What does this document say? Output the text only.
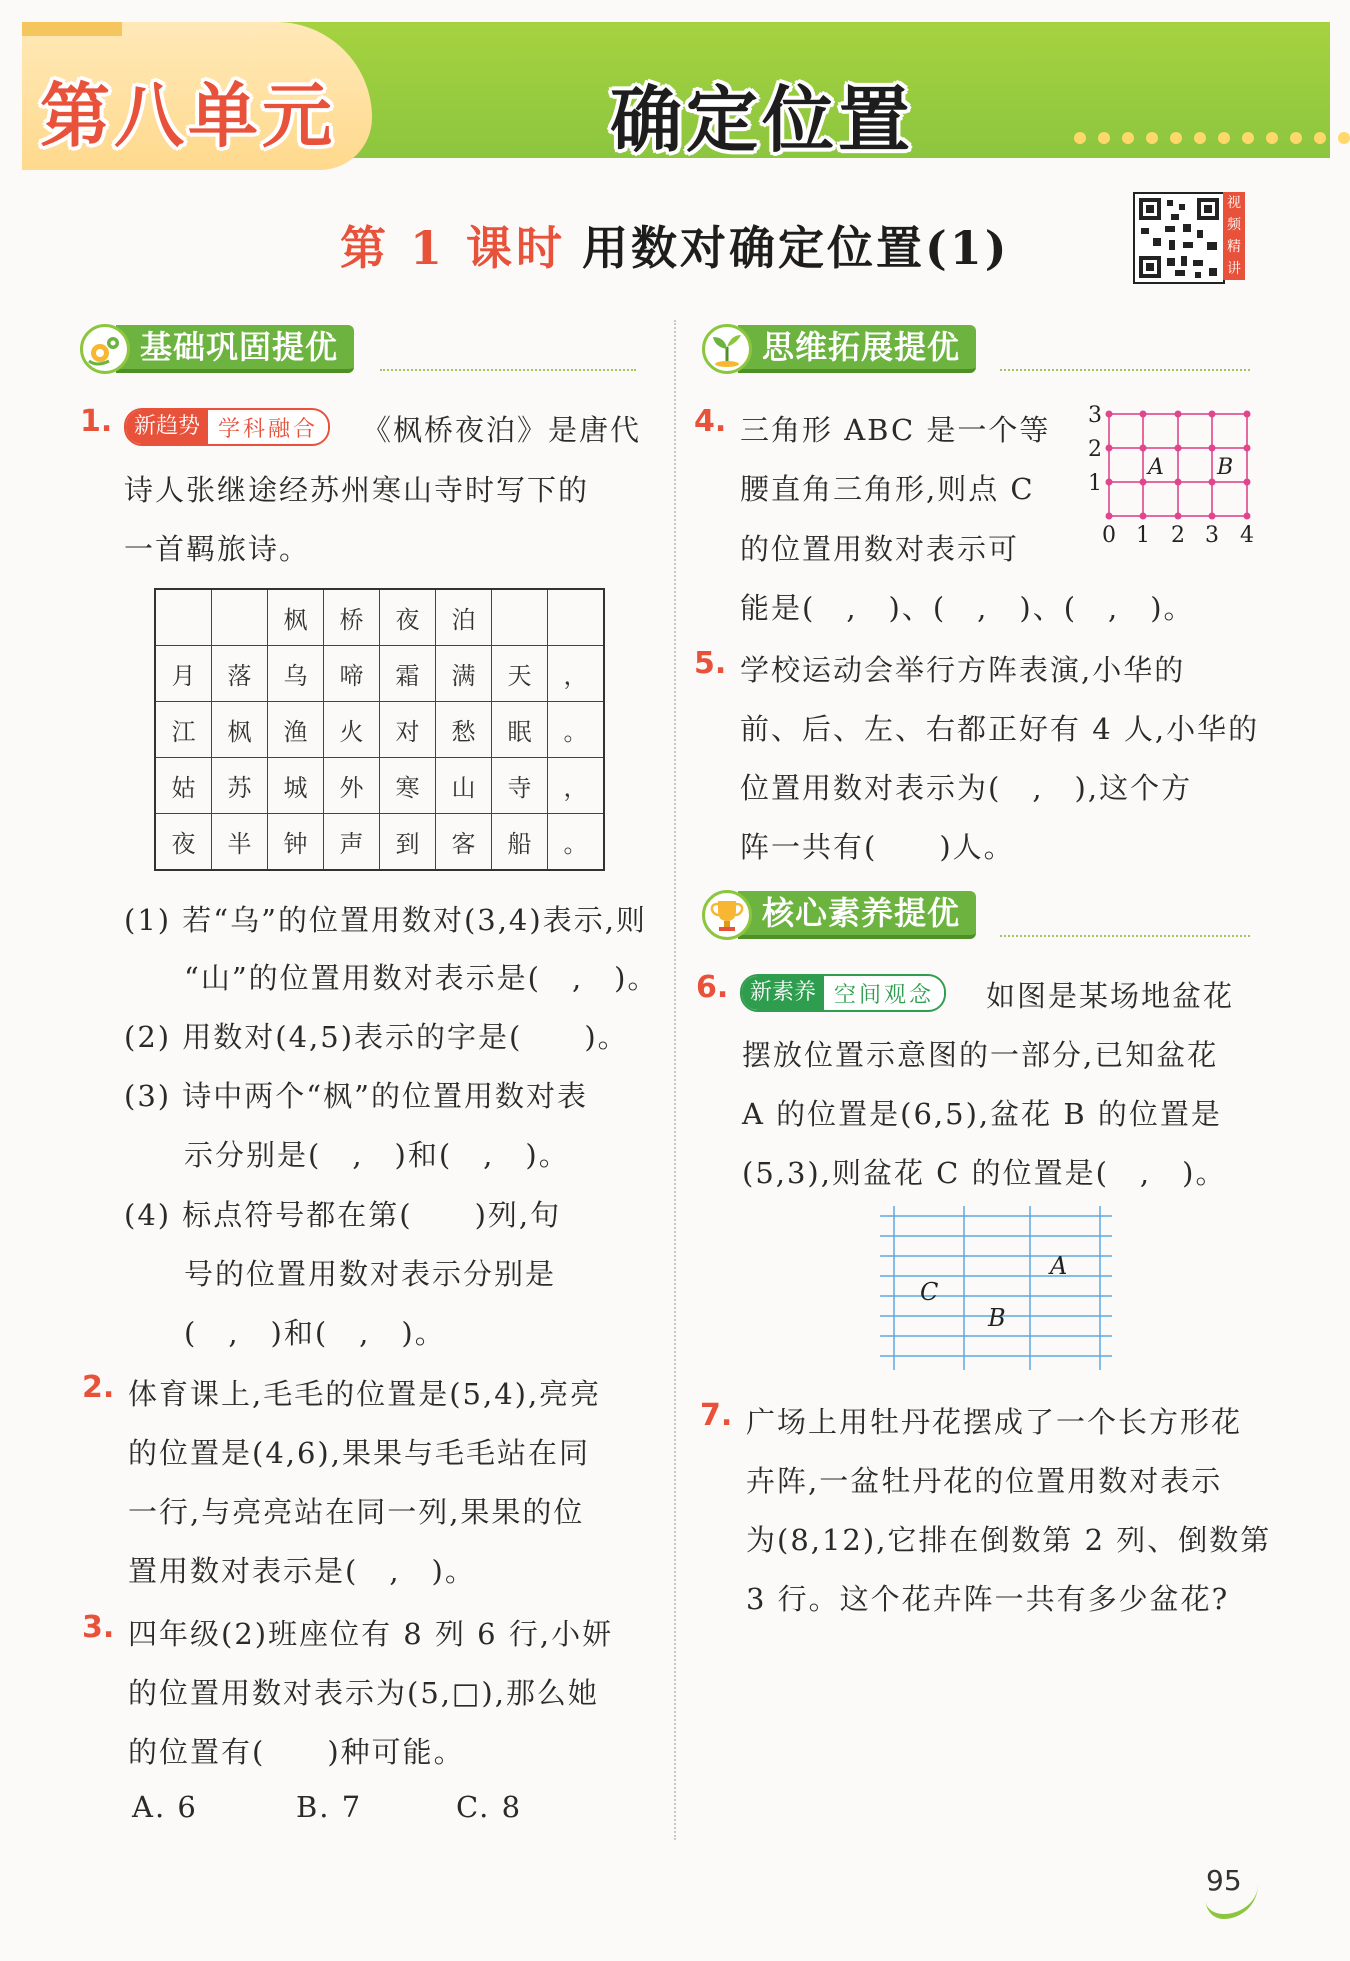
第八单元	确定位置
第 1 课时 用数对确定位置(1)
视频精讲
基础巩固提优
1. 新趋势 学科融合	《枫桥夜泊》是唐代
诗人张继途经苏州寒山寺时写下的
一首羁旅诗。
		枫	桥	夜	泊		
月	落	乌	啼	霜	满	天	，
江	枫	渔	火	对	愁	眠	。
姑	苏	城	外	寒	山	寺	，
夜	半	钟	声	到	客	船	。
(1) 若“乌”的位置用数对(3,4)表示,则
“山”的位置用数对表示是(　,　)。
(2) 用数对(4,5)表示的字是(　　)。
(3) 诗中两个“枫”的位置用数对表
示分别是(　,　)和(　,　)。
(4) 标点符号都在第(　　)列,句
号的位置用数对表示分别是
(　,　)和(　,　)。
2. 体育课上,毛毛的位置是(5,4),亮亮
的位置是(4,6),果果与毛毛站在同
一行,与亮亮站在同一列,果果的位
置用数对表示是(　,　)。
3. 四年级(2)班座位有 8 列 6 行,小妍
的位置用数对表示为(5,□),那么她
的位置有(　　)种可能。
A. 6	B. 7	C. 8
思维拓展提优
4. 三角形 ABC 是一个等
腰直角三角形,则点 C
的位置用数对表示可
能是(　,　)、(　,　)、(　,　)。
3
2
1
0 1 2 3 4
A B
5. 学校运动会举行方阵表演,小华的
前、后、左、右都正好有 4 人,小华的
位置用数对表示为(　,　),这个方
阵一共有(　　)人。
核心素养提优
6. 新素养 空间观念	如图是某场地盆花
摆放位置示意图的一部分,已知盆花
A 的位置是(6,5),盆花 B 的位置是
(5,3),则盆花 C 的位置是(　,　)。
A
C
B
7. 广场上用牡丹花摆成了一个长方形花
卉阵,一盆牡丹花的位置用数对表示
为(8,12),它排在倒数第 2 列、倒数第
3 行。这个花卉阵一共有多少盆花?
95
